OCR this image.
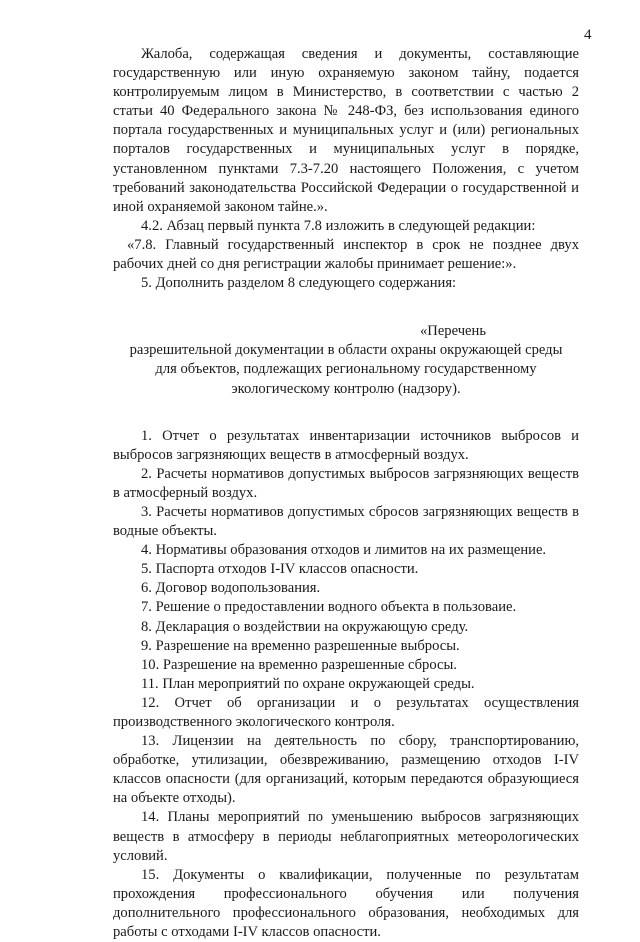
4

Жалоба, содержащая сведения и документы, составляющие государственную или иную охраняемую законом тайну, подается контролируемым лицом в Министерство, в соответствии с частью 2 статьи 40 Федерального закона № 248-ФЗ, без использования единого портала государственных и муниципальных услуг и (или) региональных порталов государственных и муниципальных услуг в порядке, установленном пунктами 7.3-7.20 настоящего Положения, с учетом требований законодательства Российской Федерации о государственной и иной охраняемой законом тайне.».

4.2. Абзац первый пункта 7.8 изложить в следующей редакции:

«7.8. Главный государственный инспектор в срок не позднее двух рабочих дней со дня регистрации жалобы принимает решение:».

5. Дополнить разделом 8 следующего содержания:

«Перечень
разрешительной документации в области охраны окружающей среды
для объектов, подлежащих региональному государственному
экологическому контролю (надзору).

1. Отчет о результатах инвентаризации источников выбросов и выбросов загрязняющих веществ в атмосферный воздух.

2. Расчеты нормативов допустимых выбросов загрязняющих веществ в атмосферный воздух.

3. Расчеты нормативов допустимых сбросов загрязняющих веществ в водные объекты.

4. Нормативы образования отходов и лимитов на их размещение.

5. Паспорта отходов I-IV классов опасности.

6. Договор водопользования.

7. Решение о предоставлении водного объекта в пользоваие.

8. Декларация о воздействии на окружающую среду.

9. Разрешение на временно разрешенные выбросы.

10. Разрешение на временно разрешенные сбросы.

11. План мероприятий по охране окружающей среды.

12. Отчет об организации и о результатах осуществления производственного экологического контроля.

13. Лицензии на деятельность по сбору, транспортированию, обработке, утилизации, обезвреживанию, размещению отходов I-IV классов опасности (для организаций, которым передаются образующиеся на объекте отходы).

14. Планы мероприятий по уменьшению выбросов загрязняющих веществ в атмосферу в периоды неблагоприятных метеорологических условий.

15. Документы о квалификации, полученные по результатам прохождения профессионального обучения или получения дополнительного профессионального образования, необходимых для работы с отходами I-IV классов опасности.
